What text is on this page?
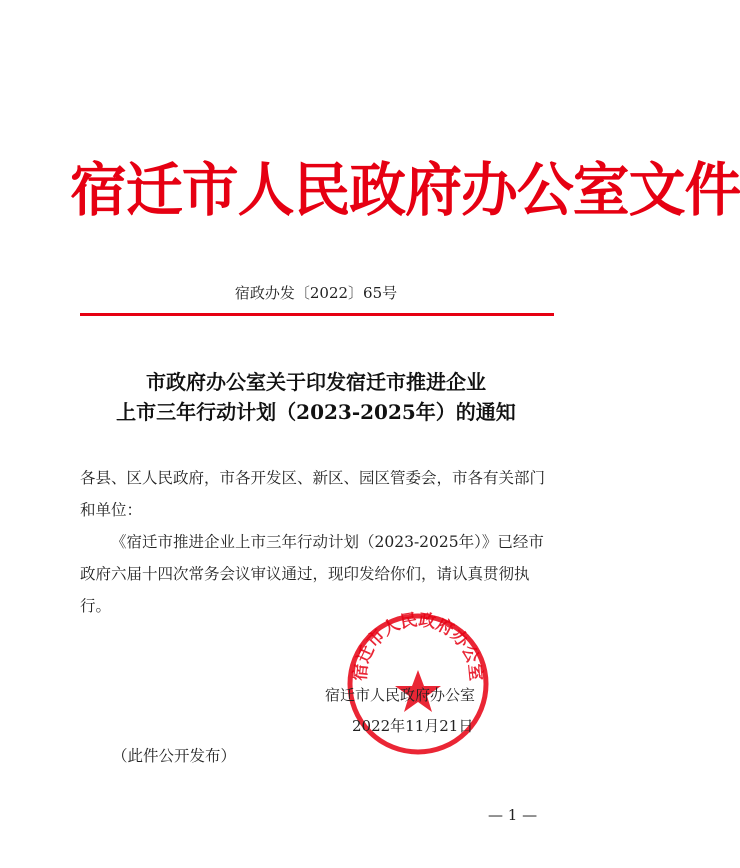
宿迁市人民政府办公室文件
宿政办发〔2022〕65号
市政府办公室关于印发宿迁市推进企业
上市三年行动计划（2023-2025年）的通知
各县、区人民政府，市各开发区、新区、园区管委会，市各有关部门和单位：
《宿迁市推进企业上市三年行动计划（2023-2025年）》已经市政府六届十四次常务会议审议通过，现印发给你们，请认真贯彻执行。
宿迁市人民政府办公室
宿迁市人民政府办公室
2022年11月21日
（此件公开发布）
— 1 —
